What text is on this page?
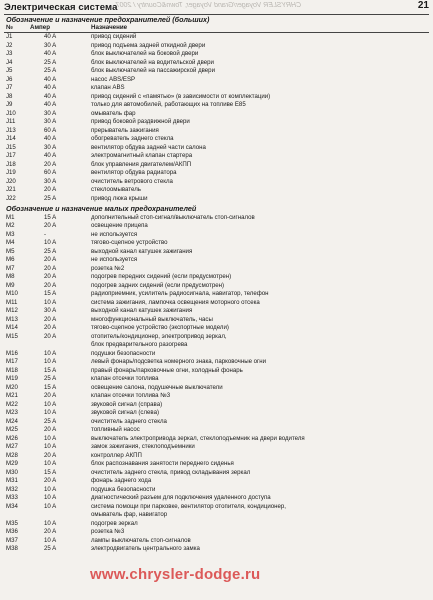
CHRYSLER Voyager/Grand Voyager, Town&Country / 2007 ...
Электрическая система	21
Обозначение и назначение предохранителей (больших)
№	Ампер	Назначение
J1	40 A	привод сидений
J2	30 A	привод подъема задней откидной двери
J3	40 A	блок выключателей на боковой двери
J4	25 A	блок выключателей на водительской двери
J5	25 A	блок выключателей на пассажирской двери
J6	40 A	насос ABS/ESP
J7	40 A	клапан ABS
J8	40 A	привод сидений с «памятью» (в зависимости от комплектации)
J9	40 A	только для автомобилей, работающих на топливе E85
J10	30 A	омыватель фар
J11	30 A	привод боковой раздвижной двери
J13	60 A	прерыватель зажигания
J14	40 A	обогреватель заднего стекла
J15	30 A	вентилятор обдува задней части салона
J17	40 A	электромагнитный клапан стартера
J18	20 A	блок управления двигателем/АКПП
J19	60 A	вентилятор обдува радиатора
J20	30 A	очиститель ветрового стекла
J21	20 A	стеклоомыватель
J22	25 A	привод люка крыши
Обозначение и назначение малых предохранителей
M1	15 A	дополнительный стоп-сигнал/выключатель стоп-сигналов
M2	20 A	освещение прицепа
M3	-	не используется
M4	10 A	тягово-сцепное устройство
M5	25 A	выходной канал катушек зажигания
M6	20 A	не используется
M7	20 A	розетка №2
M8	20 A	подогрев передних сидений (если предусмотрен)
M9	20 A	подогрев задних сидений (если предусмотрен)
M10	15 A	радиоприемник, усилитель радиосигнала, навигатор, телефон
M11	10 A	система зажигания, лампочка освещения моторного отсека
M12	30 A	выходной канал катушек зажигания
M13	20 A	многофункциональный выключатель, часы
M14	20 A	тягово-сцепное устройство (экспортные модели)
M15	20 A	отопитель/кондиционер, электропривод зеркал,
блок предварительного разогрева
M16	10 A	подушки безопасности
M17	10 A	левый фонарь/подсветка номерного знака, парковочные огни
M18	15 A	правый фонарь/парковочные огни, холодный фонарь
M19	25 A	клапан отсечки топлива
M20	15 A	освещение салона, подушечные выключатели
M21	20 A	клапан отсечки топлива №3
M22	10 A	звуковой сигнал (справа)
M23	10 A	звуковой сигнал (слева)
M24	25 A	очиститель заднего стекла
M25	20 A	топливный насос
M26	10 A	выключатель электропривода зеркал, стеклоподъемник на двери водителя
M27	10 A	замок зажигания, стеклоподъемники
M28	20 A	контроллер АКПП
M29	10 A	блок распознавания занятости переднего сиденья
M30	15 A	очиститель заднего стекла, привод складывания зеркал
M31	20 A	фонарь заднего хода
M32	10 A	подушка безопасности
M33	10 A	диагностический разъем для подключения удаленного доступа
M34	10 A	система помощи при парковке, вентилятор отопителя, кондиционер,
омыватель фар, навигатор
M35	10 A	подогрев зеркал
M36	20 A	розетка №3
M37	10 A	лампы выключатель стоп-сигналов
M38	25 A	электродвигатель центрального замка
www.chrysler-dodge.ru
